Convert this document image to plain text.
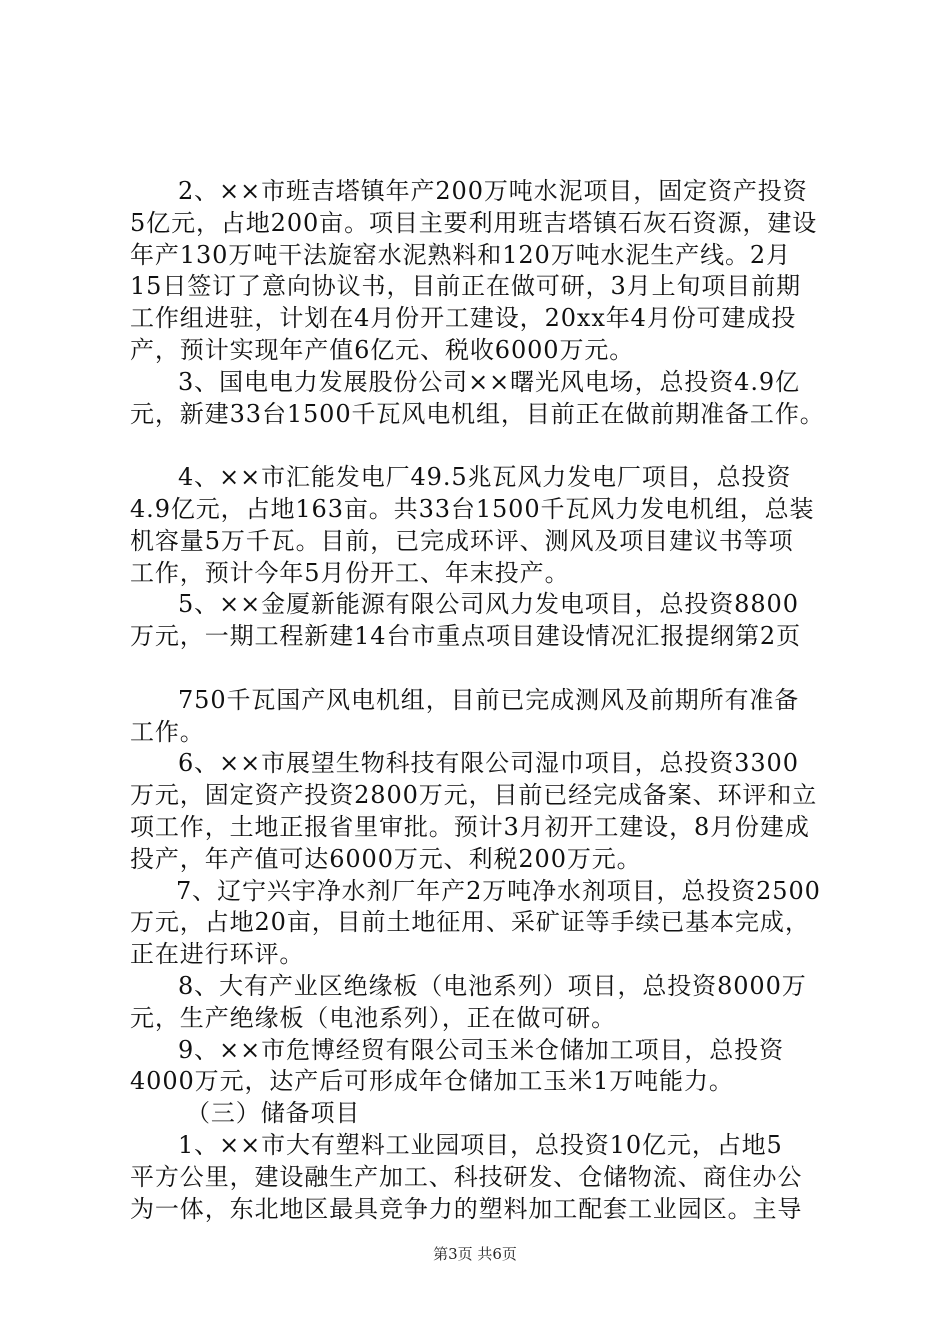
2、××市班吉塔镇年产200万吨水泥项目，固定资产投资
5亿元，占地200亩。项目主要利用班吉塔镇石灰石资源，建设
年产130万吨干法旋窑水泥熟料和120万吨水泥生产线。2月
15日签订了意向协议书，目前正在做可研，3月上旬项目前期
工作组进驻，计划在4月份开工建设，20xx年4月份可建成投
产，预计实现年产值6亿元、税收6000万元。
3、国电电力发展股份公司××曙光风电场，总投资4.9亿
元，新建33台1500千瓦风电机组，目前正在做前期准备工作。
4、××市汇能发电厂49.5兆瓦风力发电厂项目，总投资
4.9亿元，占地163亩。共33台1500千瓦风力发电机组，总装
机容量5万千瓦。目前，已完成环评、测风及项目建议书等项
工作，预计今年5月份开工、年末投产。
5、××金厦新能源有限公司风力发电项目，总投资8800
万元，一期工程新建14台市重点项目建设情况汇报提纲第2页
750千瓦国产风电机组，目前已完成测风及前期所有准备
工作。
6、××市展望生物科技有限公司湿巾项目，总投资3300
万元，固定资产投资2800万元，目前已经完成备案、环评和立
项工作，土地正报省里审批。预计3月初开工建设，8月份建成
投产，年产值可达6000万元、利税200万元。
7、辽宁兴宇净水剂厂年产2万吨净水剂项目，总投资2500
万元，占地20亩，目前土地征用、采矿证等手续已基本完成，
正在进行环评。
8、大有产业区绝缘板（电池系列）项目，总投资8000万
元，生产绝缘板（电池系列），正在做可研。
9、××市危博经贸有限公司玉米仓储加工项目，总投资
4000万元，达产后可形成年仓储加工玉米1万吨能力。
（三）储备项目
1、××市大有塑料工业园项目，总投资10亿元，占地5
平方公里，建设融生产加工、科技研发、仓储物流、商住办公
为一体，东北地区最具竞争力的塑料加工配套工业园区。主导
第3页 共6页
